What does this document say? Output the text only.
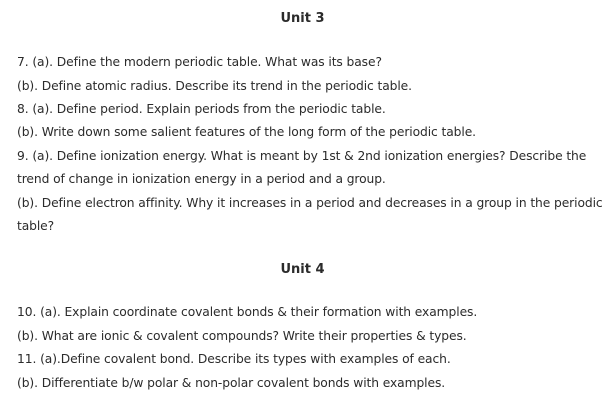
Unit 3
7. (a). Define the modern periodic table. What was its base?
(b). Define atomic radius. Describe its trend in the periodic table.
8. (a). Define period. Explain periods from the periodic table.
(b). Write down some salient features of the long form of the periodic table.
9. (a). Define ionization energy. What is meant by 1st & 2nd ionization energies? Describe the
trend of change in ionization energy in a period and a group.
(b). Define electron affinity. Why it increases in a period and decreases in a group in the periodic
table?
Unit 4
10. (a). Explain coordinate covalent bonds & their formation with examples.
(b). What are ionic & covalent compounds? Write their properties & types.
11. (a).Define covalent bond. Describe its types with examples of each.
(b). Differentiate b/w polar & non-polar covalent bonds with examples.
